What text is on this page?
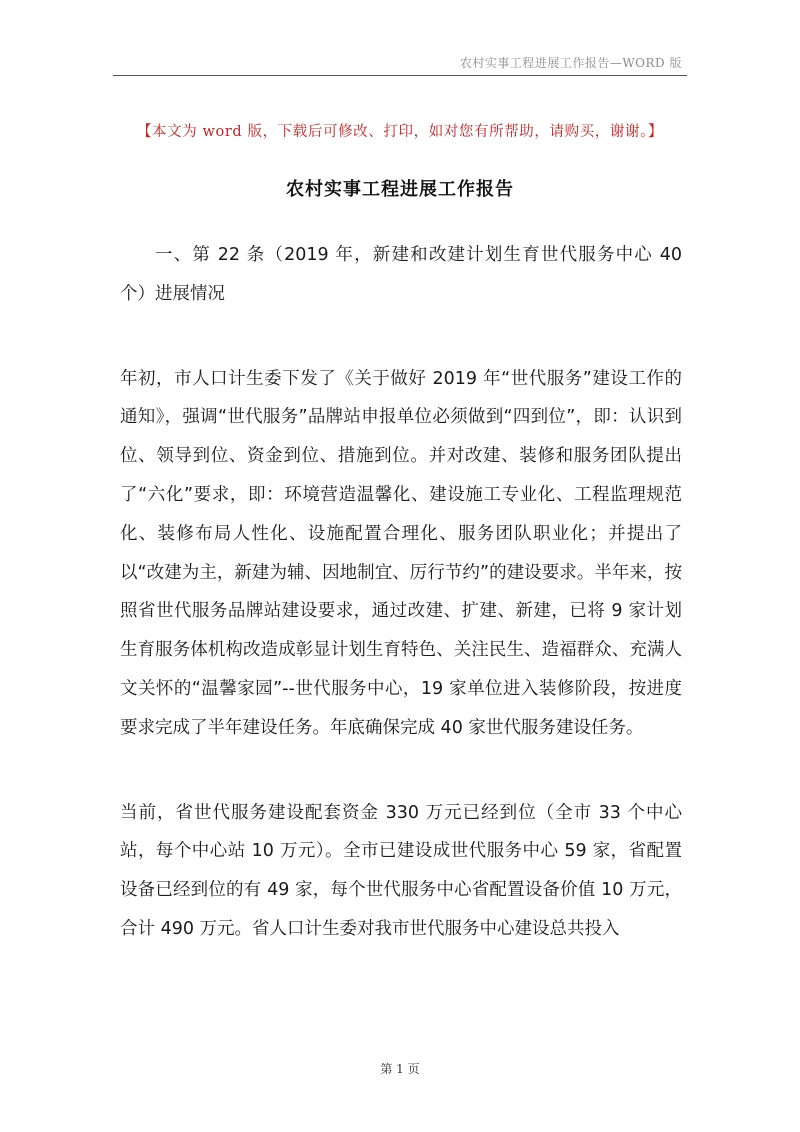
农村实事工程进展工作报告—WORD 版
【本文为 word 版，下载后可修改、打印，如对您有所帮助，请购买，谢谢。】
农村实事工程进展工作报告

一、第 22 条（2019 年，新建和改建计划生育世代服务中心 40 个）进展情况

年初，市人口计生委下发了《关于做好 2019 年“世代服务”建设工作的通知》，强调“世代服务”品牌站申报单位必须做到“四到位”，即：认识到位、领导到位、资金到位、措施到位。并对改建、装修和服务团队提出了“六化”要求，即：环境营造温馨化、建设施工专业化、工程监理规范化、装修布局人性化、设施配置合理化、服务团队职业化；并提出了以“改建为主，新建为辅、因地制宜、厉行节约”的建设要求。半年来，按照省世代服务品牌站建设要求，通过改建、扩建、新建，已将 9 家计划生育服务体机构改造成彰显计划生育特色、关注民生、造福群众、充满人文关怀的“温馨家园”--世代服务中心，19 家单位进入装修阶段，按进度要求完成了半年建设任务。年底确保完成 40 家世代服务建设任务。

当前，省世代服务建设配套资金 330 万元已经到位（全市 33 个中心站，每个中心站 10 万元）。全市已建设成世代服务中心 59 家，省配置设备已经到位的有 49 家，每个世代服务中心省配置设备价值 10 万元，合计 490 万元。省人口计生委对我市世代服务中心建设总共投入

第 1 页
